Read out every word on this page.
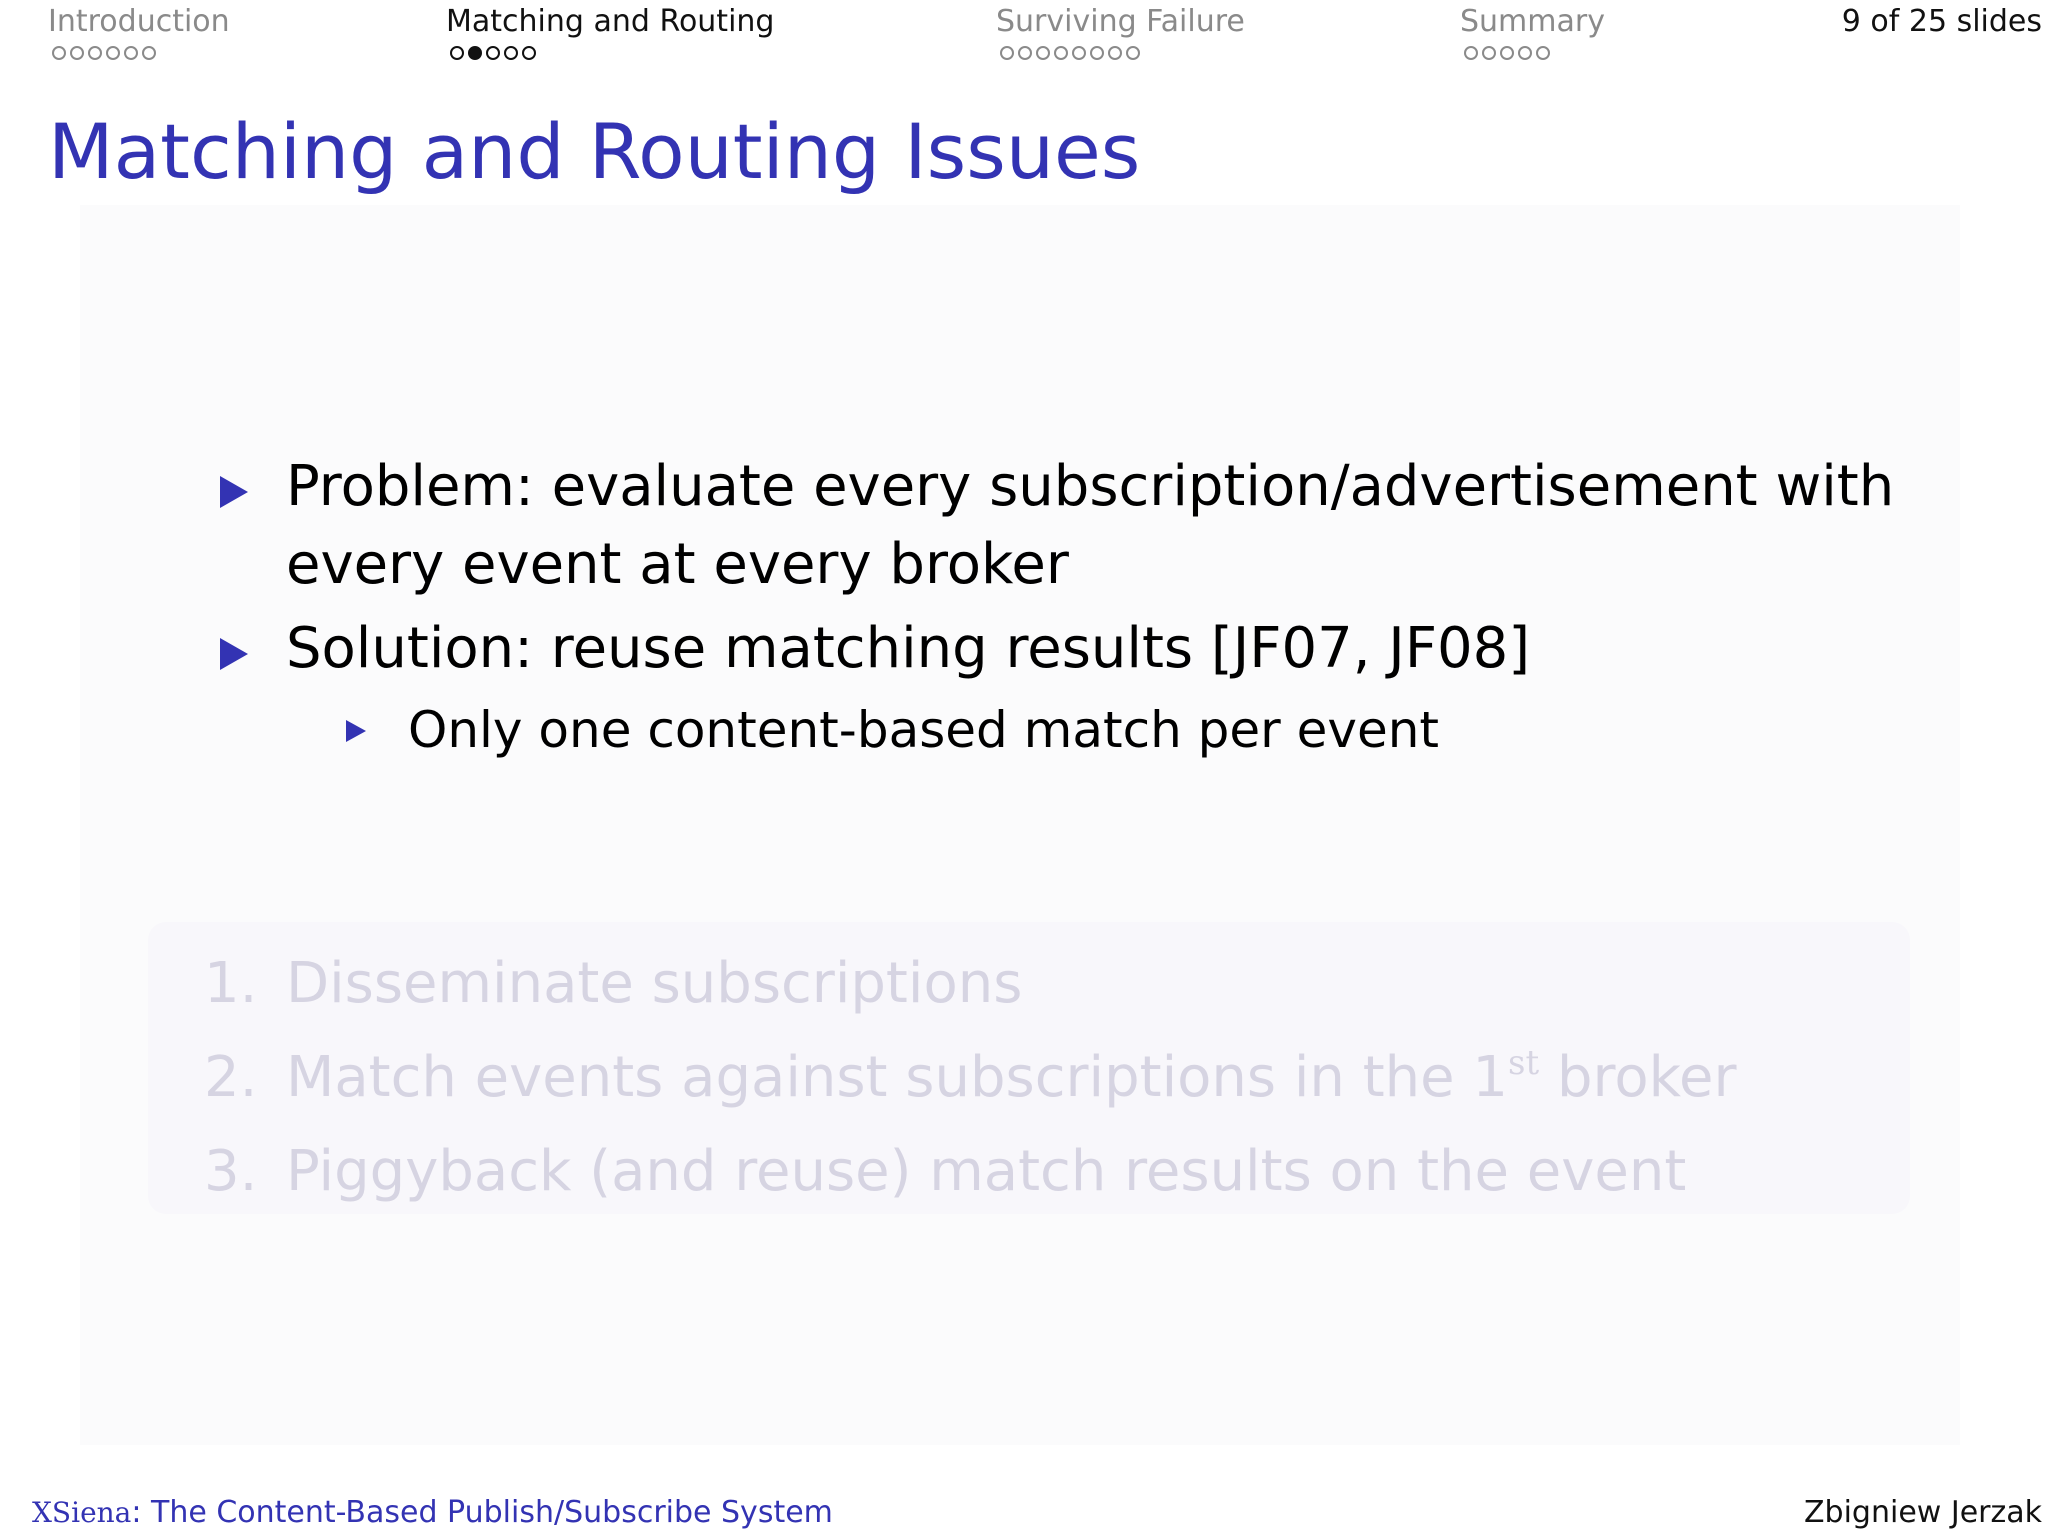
Introduction	Matching and Routing	Surviving Failure	Summary	9 of 25 slides
Matching and Routing Issues
Problem: evaluate every subscription/advertisement with every event at every broker
Solution: reuse matching results [JF07, JF08]
Only one content-based match per event
1. Disseminate subscriptions
2. Match events against subscriptions in the 1st broker
3. Piggyback (and reuse) match results on the event
XSiena: The Content-Based Publish/Subscribe System	Zbigniew Jerzak
